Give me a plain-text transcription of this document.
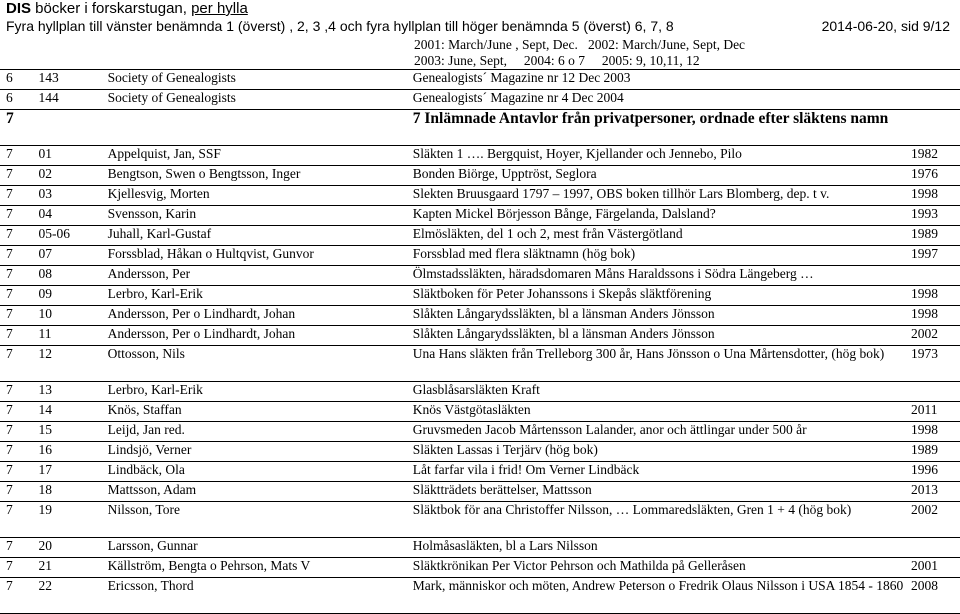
DIS böcker i forskarstugan, per hylla
Fyra hyllplan till vänster benämnda 1 (överst) , 2, 3 ,4 och fyra hyllplan till höger benämnda 5 (överst) 6, 7, 8	2014-06-20, sid 9/12
2001: March/June , Sept, Dec.   2002: March/June, Sept, Dec
2003: June, Sept,     2004: 6 o 7     2005: 9, 10,11, 12
6	143	Society of Genealogists	Genealogists´ Magazine nr 12 Dec 2003	
6	144	Society of Genealogists	Genealogists´ Magazine nr 4 Dec 2004	
7			7 Inlämnade Antavlor från privatpersoner, ordnade efter släktens namn	
7	01	Appelquist, Jan, SSF	Släkten 1 …. Bergquist, Hoyer, Kjellander och Jennebo, Pilo	1982
7	02	Bengtson, Swen o Bengtsson, Inger	Bonden Biörge, Upptröst, Seglora	1976
7	03	Kjellesvig, Morten	Slekten Bruusgaard 1797 – 1997, OBS boken tillhör Lars Blomberg, dep. t v.	1998
7	04	Svensson, Karin	Kapten Mickel Börjesson Bånge, Färgelanda, Dalsland?	1993
7	05-06	Juhall, Karl-Gustaf	Elmösläkten, del 1 och 2, mest från Västergötland	1989
7	07	Forssblad, Håkan o Hultqvist, Gunvor	Forssblad med flera släktnamn (hög bok)	1997
7	08	Andersson, Per	Ölmstadssläkten, häradsdomaren Måns Haraldssons i Södra Längeberg …	
7	09	Lerbro, Karl-Erik	Släktboken för Peter Johanssons i Skepås släktförening	1998
7	10	Andersson, Per o Lindhardt, Johan	Slåkten Långarydssläkten, bl a länsman Anders Jönsson	1998
7	11	Andersson, Per o Lindhardt, Johan	Slåkten Långarydssläkten, bl a länsman Anders Jönsson	2002
7	12	Ottosson, Nils	Una Hans släkten från Trelleborg 300 år, Hans Jönsson o Una Mårtensdotter, (hög bok)	1973
7	13	Lerbro, Karl-Erik	Glasblåsarsläkten Kraft	
7	14	Knös, Staffan	Knös Västgötasläkten	2011
7	15	Leijd, Jan red.	Gruvsmeden Jacob Mårtensson Lalander, anor och ättlingar under 500 år	1998
7	16	Lindsjö, Verner	Släkten Lassas i Terjärv (hög bok)	1989
7	17	Lindbäck, Ola	Låt farfar vila i frid! Om Verner Lindbäck	1996
7	18	Mattsson, Adam	Släktträdets berättelser, Mattsson	2013
7	19	Nilsson, Tore	Släktbok för ana Christoffer Nilsson, … Lommaredsläkten, Gren 1 + 4 (hög bok)	2002
7	20	Larsson, Gunnar	Holmåsasläkten, bl a Lars Nilsson	
7	21	Källström, Bengta o Pehrson, Mats V	Släktkrönikan Per Victor Pehrson och Mathilda på Gelleråsen	2001
7	22	Ericsson, Thord	Mark, människor och möten, Andrew Peterson o Fredrik Olaus Nilsson i USA 1854 - 1860	2008
